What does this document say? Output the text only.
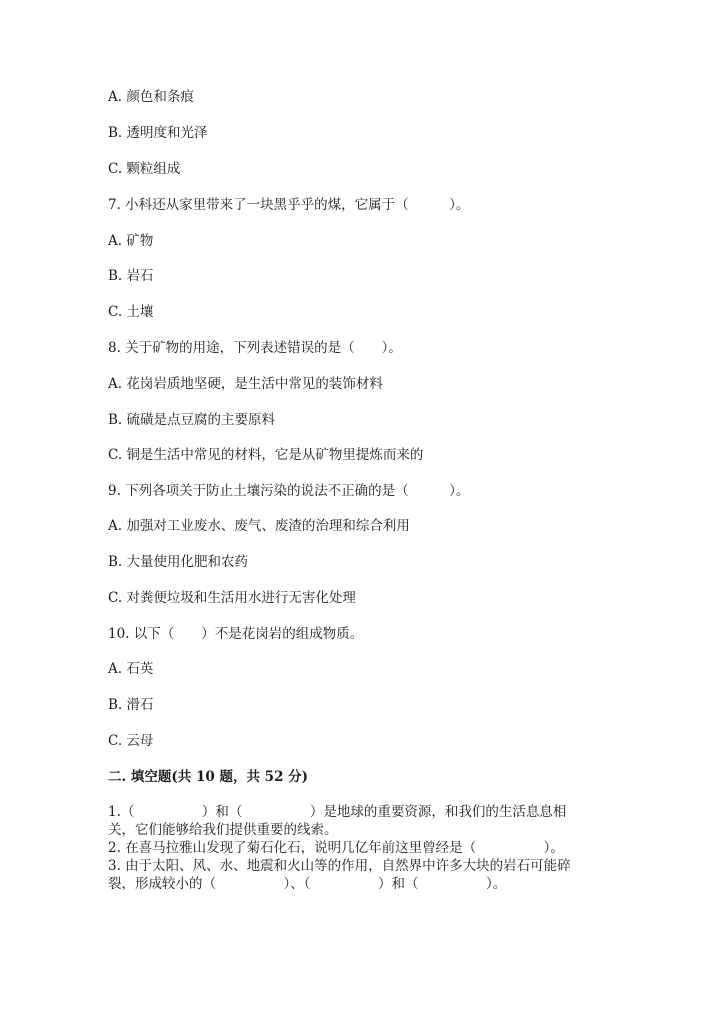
A. 颜色和条痕
B. 透明度和光泽
C. 颗粒组成
7. 小科还从家里带来了一块黑乎乎的煤，它属于（　　　）。
A. 矿物
B. 岩石
C. 土壤
8. 关于矿物的用途，下列表述错误的是（　　）。
A. 花岗岩质地坚硬，是生活中常见的装饰材料
B. 硫磺是点豆腐的主要原料
C. 铜是生活中常见的材料，它是从矿物里提炼而来的
9. 下列各项关于防止土壤污染的说法不正确的是（　　　）。
A. 加强对工业废水、废气、废渣的治理和综合利用
B. 大量使用化肥和农药
C. 对粪便垃圾和生活用水进行无害化处理
10. 以下（　　）不是花岗岩的组成物质。
A. 石英
B. 滑石
C. 云母
二. 填空题(共 10 题，共 52 分)
1.（　　　　　）和（　　　　　）是地球的重要资源，和我们的生活息息相
关，它们能够给我们提供重要的线索。
2. 在喜马拉雅山发现了菊石化石，说明几亿年前这里曾经是（　　　　　）。
3. 由于太阳、风、水、地震和火山等的作用，自然界中许多大块的岩石可能碎
裂，形成较小的（　　　　　）、（　　　　　）和（　　　　　）。
